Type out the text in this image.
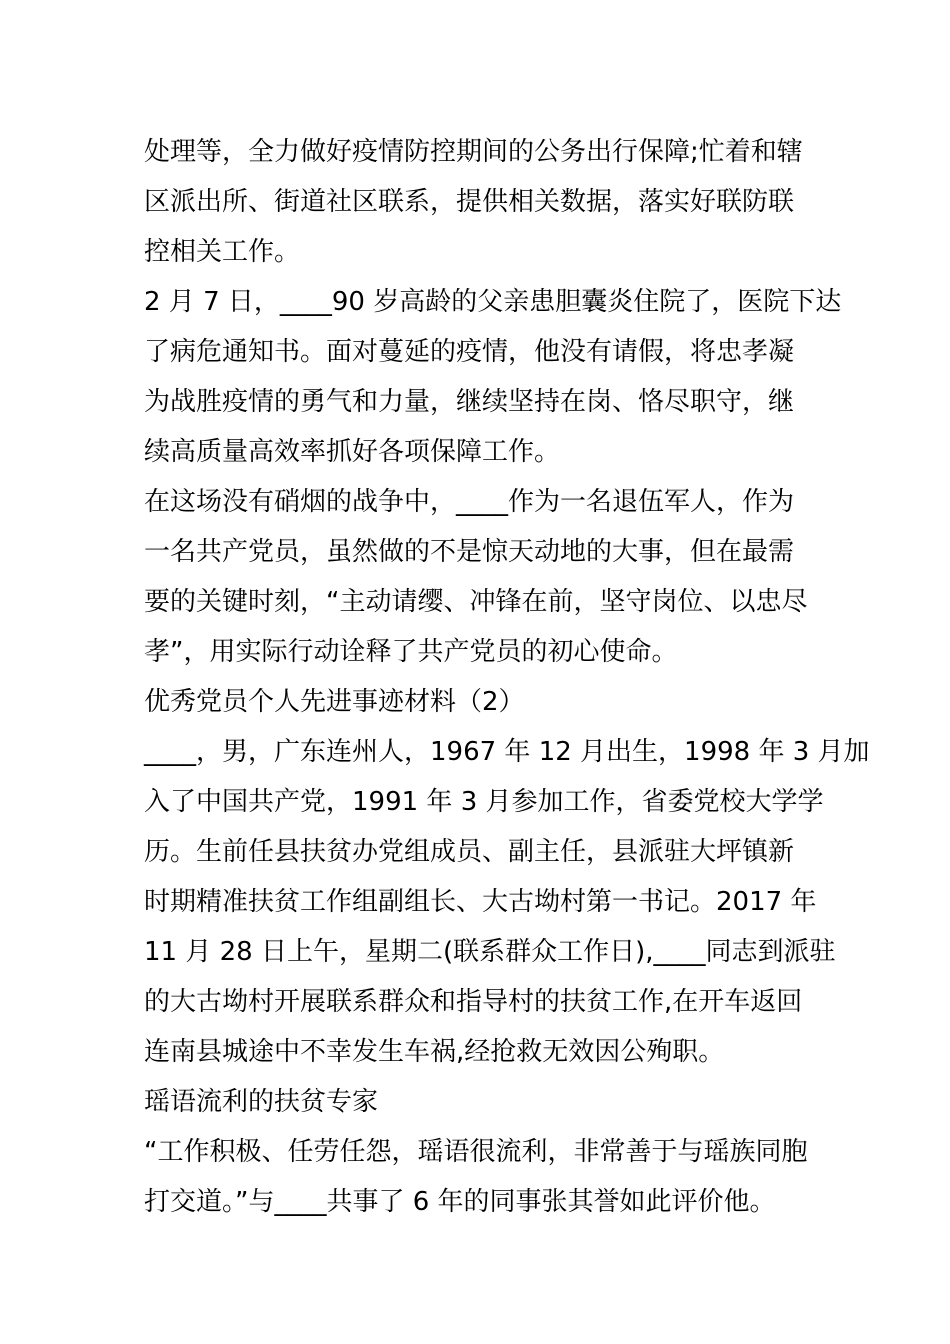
处理等，全力做好疫情防控期间的公务出行保障;忙着和辖
区派出所、街道社区联系，提供相关数据，落实好联防联
控相关工作。
2 月 7 日，____90 岁高龄的父亲患胆囊炎住院了，医院下达
了病危通知书。面对蔓延的疫情，他没有请假，将忠孝凝
为战胜疫情的勇气和力量，继续坚持在岗、恪尽职守，继
续高质量高效率抓好各项保障工作。
在这场没有硝烟的战争中，____作为一名退伍军人，作为
一名共产党员，虽然做的不是惊天动地的大事，但在最需
要的关键时刻，“主动请缨、冲锋在前，坚守岗位、以忠尽
孝”，用实际行动诠释了共产党员的初心使命。
优秀党员个人先进事迹材料（2）
____，男，广东连州人，1967 年 12 月出生，1998 年 3 月加
入了中国共产党，1991 年 3 月参加工作，省委党校大学学
历。生前任县扶贫办党组成员、副主任，县派驻大坪镇新
时期精准扶贫工作组副组长、大古坳村第一书记。2017 年
11 月 28 日上午，星期二(联系群众工作日),____同志到派驻
的大古坳村开展联系群众和指导村的扶贫工作,在开车返回
连南县城途中不幸发生车祸,经抢救无效因公殉职。
瑶语流利的扶贫专家
“工作积极、任劳任怨，瑶语很流利，非常善于与瑶族同胞
打交道。”与____共事了 6 年的同事张其誉如此评价他。
